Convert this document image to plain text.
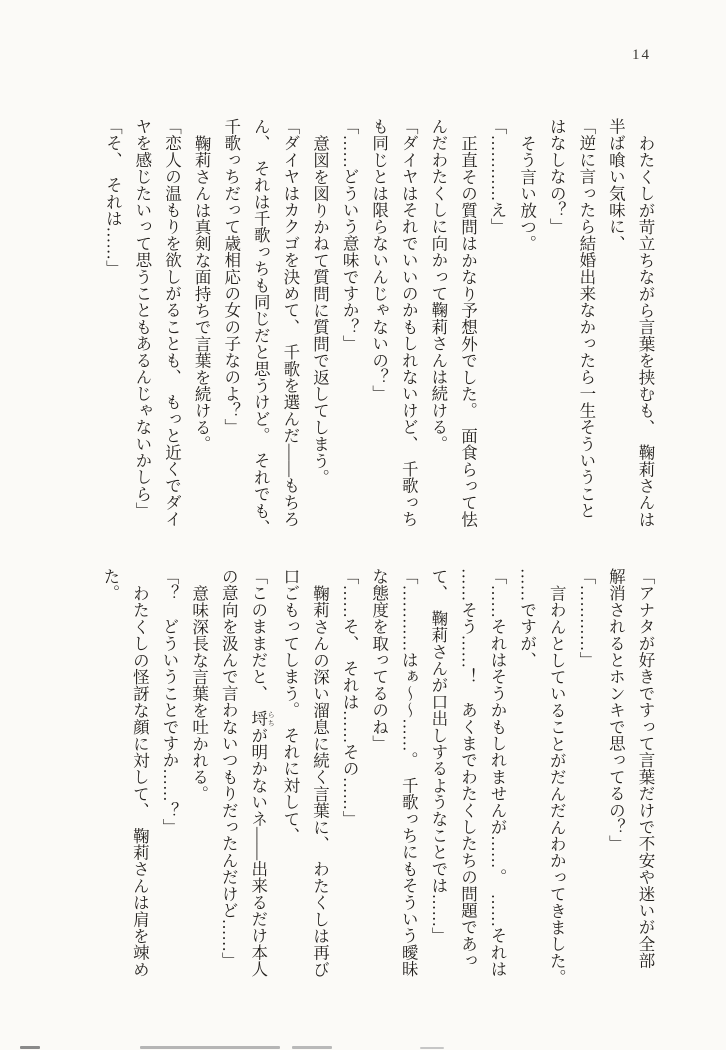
14

わたくしが苛立ちながら言葉を挟むも、　鞠莉さんは

半ば喰い気味に、

「逆に言ったら結婚出来なかったら一生そういうこと

はなしなの？」

そう言い放つ。

「…………え」

正直その質問はかなり予想外でした。　面食らって怯

んだわたくしに向かって鞠莉さんは続ける。

「ダイヤはそれでいいのかもしれないけど、　千歌っち

も同じとは限らないんじゃないの？」

「……どういう意味ですか？」

意図を図りかねて質問に質問で返してしまう。

「ダイヤはカクゴを決めて、　千歌を選んだ――もちろ

ん、　それは千歌っちも同じだと思うけど。　それでも、

千歌っちだって歳相応の女の子なのよ？」

鞠莉さんは真剣な面持ちで言葉を続ける。

「恋人の温もりを欲しがることも、　もっと近くでダイ

ヤを感じたいって思うこともあるんじゃないかしら」

「そ、　それは……」

「アナタが好きですって言葉だけで不安や迷いが全部

解消されるとホンキで思ってるの？」

「…………」

言わんとしていることがだんだんわかってきました。

……ですが、

「……それはそうかもしれませんが……。　……それは

……そう……！　あくまでわたくしたちの問題であっ

て、　鞠莉さんが口出しするようなことでは……」

「…………はぁ～～……。　千歌っちにもそういう曖昧

な態度を取ってるのね」

「……そ、　それは……その……」

鞠莉さんの深い溜息に続く言葉に、　わたくしは再び

口ごもってしまう。　それに対して、

「このままだと、　埒 らちが明かないネ――出来るだけ本人

の意向を汲んで言わないつもりだったんだけど……」

意味深長な言葉を吐かれる。

「？　どういうことですか……？」

わたくしの怪訝な顔に対して、　鞠莉さんは肩を竦め

た。
